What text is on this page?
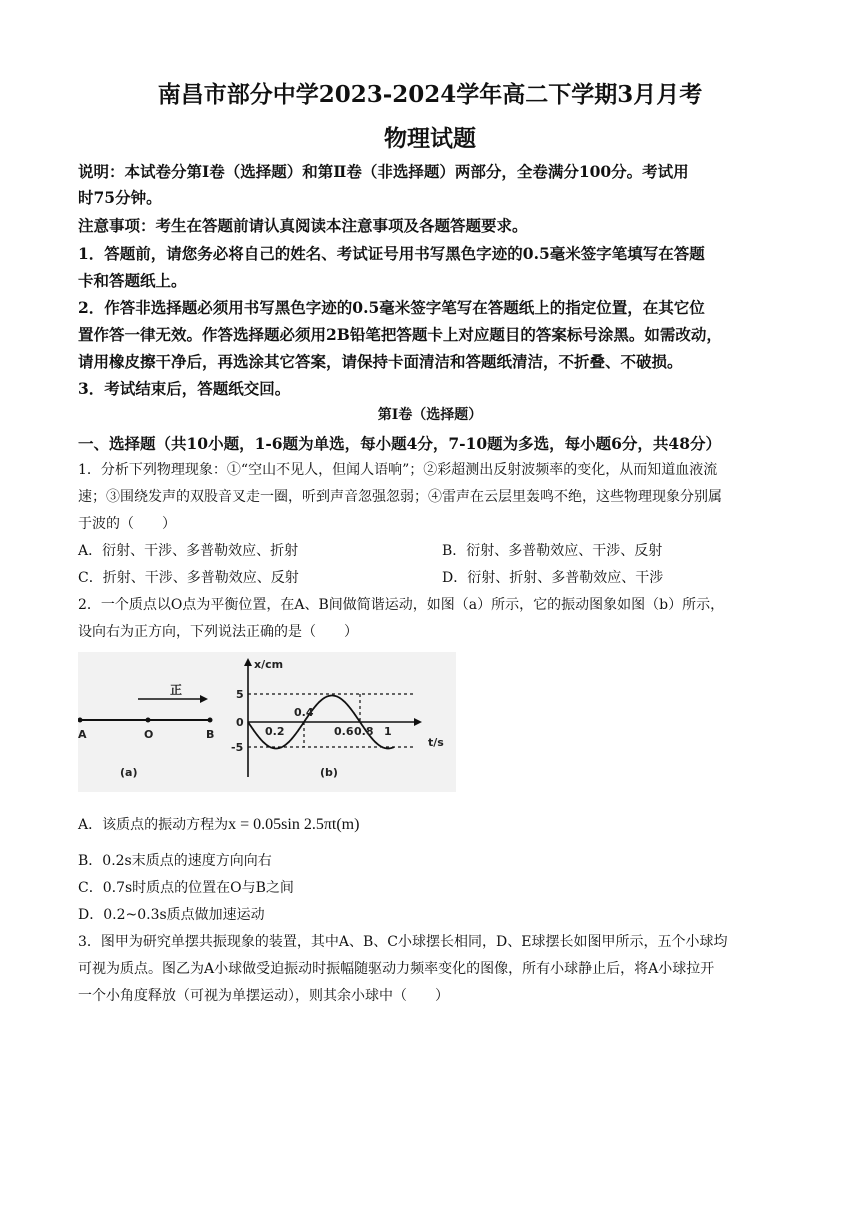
南昌市部分中学2023-2024学年高二下学期3月月考
物理试题
说明：本试卷分第Ⅰ卷（选择题）和第Ⅱ卷（非选择题）两部分，全卷满分100分。考试用
时75分钟。
注意事项：考生在答题前请认真阅读本注意事项及各题答题要求。
1．答题前，请您务必将自己的姓名、考试证号用书写黑色字迹的0.5毫米签字笔填写在答题
卡和答题纸上。
2．作答非选择题必须用书写黑色字迹的0.5毫米签字笔写在答题纸上的指定位置，在其它位
置作答一律无效。作答选择题必须用2B铅笔把答题卡上对应题目的答案标号涂黑。如需改动，
请用橡皮擦干净后，再选涂其它答案，请保持卡面清洁和答题纸清洁，不折叠、不破损。
3．考试结束后，答题纸交回。
第Ⅰ卷（选择题）
一、选择题（共10小题，1-6题为单选，每小题4分，7-10题为多选，每小题6分，共48分）
1．分析下列物理现象：①“空山不见人，但闻人语响”；②彩超测出反射波频率的变化，从而知道血液流
速；③围绕发声的双股音叉走一圈，听到声音忽强忽弱；④雷声在云层里轰鸣不绝，这些物理现象分别属
于波的（　　）
A．衍射、干涉、多普勒效应、折射	B．衍射、多普勒效应、干涉、反射
C．折射、干涉、多普勒效应、反射	D．衍射、折射、多普勒效应、干涉
2．一个质点以O点为平衡位置，在A、B间做简谐运动，如图（a）所示，它的振动图象如图（b）所示，
设向右为正方向，下列说法正确的是（　　）
正
A	O	B
(a)
x/cm
t/s
5
0
-5
0.2
0.4
0.6 0.8 1
(b)
A．该质点的振动方程为x = 0.05sin 2.5πt(m)
B．0.2s末质点的速度方向向右
C．0.7s时质点的位置在O与B之间
D．0.2~0.3s质点做加速运动
3．图甲为研究单摆共振现象的装置，其中A、B、C小球摆长相同，D、E球摆长如图甲所示，五个小球均
可视为质点。图乙为A小球做受迫振动时振幅随驱动力频率变化的图像，所有小球静止后，将A小球拉开
一个小角度释放（可视为单摆运动），则其余小球中（　　）
